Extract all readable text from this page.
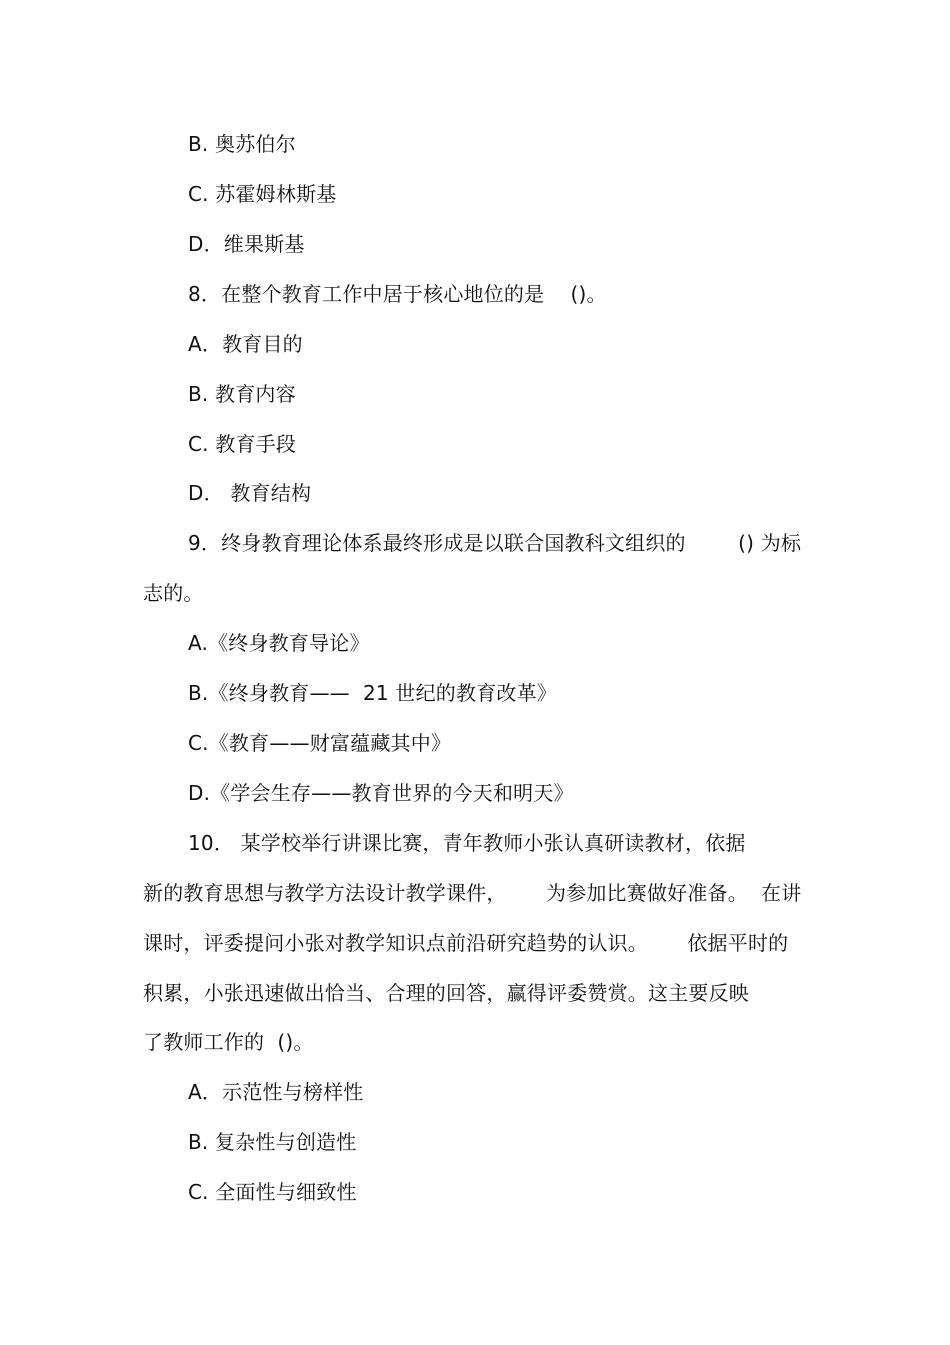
B. 奥苏伯尔
C. 苏霍姆林斯基
D．维果斯基
8．在整个教育工作中居于核心地位的是    ()。
A．教育目的
B. 教育内容
C. 教育手段
D． 教育结构
9．终身教育理论体系最终形成是以联合国教科文组织的        () 为标
志的。
A.《终身教育导论》
B.《终身教育——  21 世纪的教育改革》
C.《教育——财富蕴藏其中》
D.《学会生存——教育世界的今天和明天》
10． 某学校举行讲课比赛，青年教师小张认真研读教材，依据
新的教育思想与教学方法设计教学课件，      为参加比赛做好准备。  在讲
课时，评委提问小张对教学知识点前沿研究趋势的认识。      依据平时的
积累，小张迅速做出恰当、合理的回答，赢得评委赞赏。这主要反映
了教师工作的  ()。
A．示范性与榜样性
B. 复杂性与创造性
C. 全面性与细致性
